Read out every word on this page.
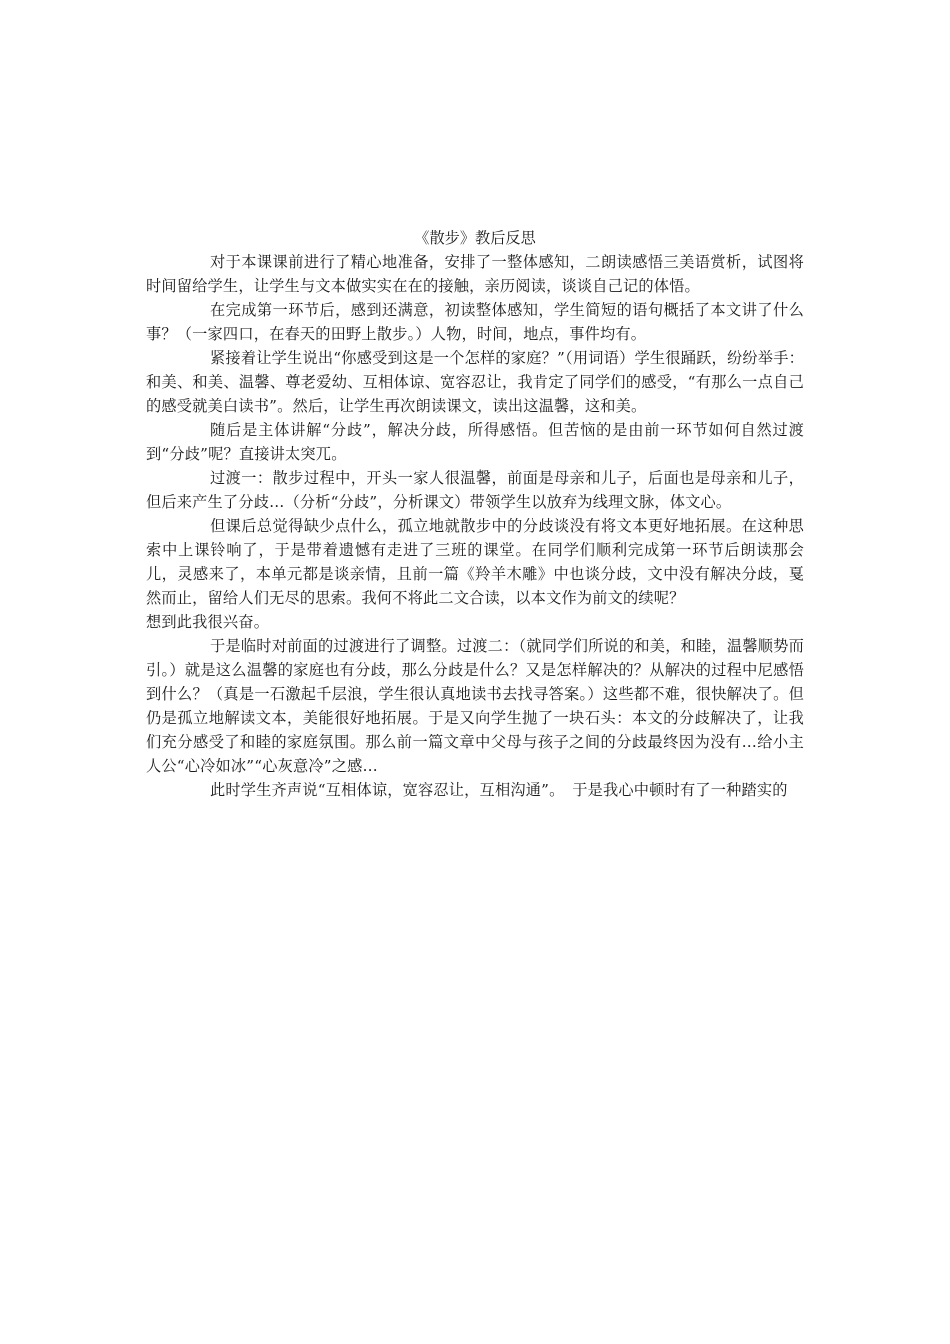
《散步》教后反思

对于本课课前进行了精心地准备，安排了一整体感知，二朗读感悟三美语赏析，试图将时间留给学生，让学生与文本做实实在在的接触，亲历阅读，谈谈自己记的体悟。

在完成第一环节后，感到还满意，初读整体感知，学生简短的语句概括了本文讲了什么事？（一家四口，在春天的田野上散步。）人物，时间，地点，事件均有。

紧接着让学生说出“你感受到这是一个怎样的家庭？”（用词语）学生很踊跃，纷纷举手：和美、和美、温馨、尊老爱幼、互相体谅、宽容忍让，我肯定了同学们的感受，“有那么一点自己的感受就美白读书”。然后，让学生再次朗读课文，读出这温馨，这和美。

随后是主体讲解“分歧”，解决分歧，所得感悟。但苦恼的是由前一环节如何自然过渡到“分歧”呢？直接讲太突兀。

过渡一：散步过程中，开头一家人很温馨，前面是母亲和儿子，后面也是母亲和儿子，但后来产生了分歧…（分析“分歧”，分析课文）带领学生以放弃为线理文脉，体文心。

但课后总觉得缺少点什么，孤立地就散步中的分歧谈没有将文本更好地拓展。在这种思索中上课铃响了，于是带着遗憾有走进了三班的课堂。在同学们顺利完成第一环节后朗读那会儿，灵感来了，本单元都是谈亲情，且前一篇《羚羊木雕》中也谈分歧，文中没有解决分歧，戛然而止，留给人们无尽的思索。我何不将此二文合读，以本文作为前文的续呢？

想到此我很兴奋。

于是临时对前面的过渡进行了调整。过渡二：（就同学们所说的和美，和睦，温馨顺势而引。）就是这么温馨的家庭也有分歧，那么分歧是什么？又是怎样解决的？从解决的过程中尼感悟到什么？（真是一石激起千层浪，学生很认真地读书去找寻答案。）这些都不难，很快解决了。但仍是孤立地解读文本，美能很好地拓展。于是又向学生抛了一块石头：本文的分歧解决了，让我们充分感受了和睦的家庭氛围。那么前一篇文章中父母与孩子之间的分歧最终因为没有…给小主人公“心冷如冰”“心灰意冷”之感…

此时学生齐声说“互相体谅，宽容忍让，互相沟通”。　于是我心中顿时有了一种踏实的
